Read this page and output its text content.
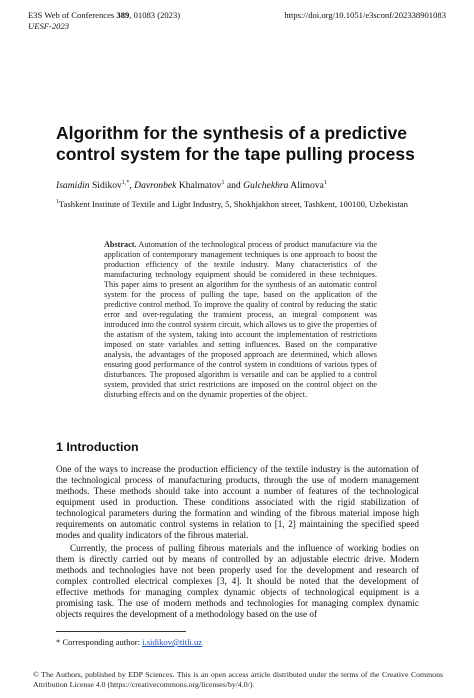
E3S Web of Conferences 389, 01083 (2023)
UESF-2023
https://doi.org/10.1051/e3sconf/202338901083
Algorithm for the synthesis of a predictive control system for the tape pulling process
Isamidin Sidikov$^{1,*}$, Davronbek Khalmatov$^1$ and Gulchekhra Alimova$^1$
$^1$Tashkent Institute of Textile and Light Industry, 5, Shokhjakhon street, Tashkent, 100100, Uzbekistan
Abstract. Automation of the technological process of product manufacture via the application of contemporary management techniques is one approach to boost the production efficiency of the textile industry. Many characteristics of the manufacturing technology equipment should be considered in these techniques. This paper aims to present an algorithm for the synthesis of an automatic control system for the process of pulling the tape, based on the application of the predictive control method. To improve the quality of control by reducing the static error and over-regulating the transient process, an integral component was introduced into the control system circuit, which allows us to give the properties of the astatism of the system, taking into account the implementation of restrictions imposed on state variables and setting influences. Based on the comparative analysis, the advantages of the proposed approach are determined, which allows ensuring good performance of the control system in conditions of various types of disturbances. The proposed algorithm is versatile and can be applied to a control system, provided that strict restrictions are imposed on the control object on the disturbing effects and on the dynamic properties of the object.
1 Introduction
One of the ways to increase the production efficiency of the textile industry is the automation of the technological process of manufacturing products, through the use of modern management methods. These methods should take into account a number of features of the technological equipment used in production. These conditions associated with the rigid stabilization of technological parameters during the formation and winding of the fibrous material impose high requirements on automatic control systems in relation to [1, 2] maintaining the specified speed modes and quality indicators of the fibrous material.
Currently, the process of pulling fibrous materials and the influence of working bodies on them is directly carried out by means of controlled by an adjustable electric drive. Modern methods and technologies have not been properly used for the development and research of complex controlled electrical complexes [3, 4]. It should be noted that the development of effective methods for managing complex dynamic objects of technological equipment is a promising task. The use of modern methods and technologies for managing complex dynamic objects requires the development of a methodology based on the use of
* Corresponding author: i.sidikov@titli.uz
© The Authors, published by EDP Sciences. This is an open access article distributed under the terms of the Creative Commons Attribution License 4.0 (https://creativecommons.org/licenses/by/4.0/).
